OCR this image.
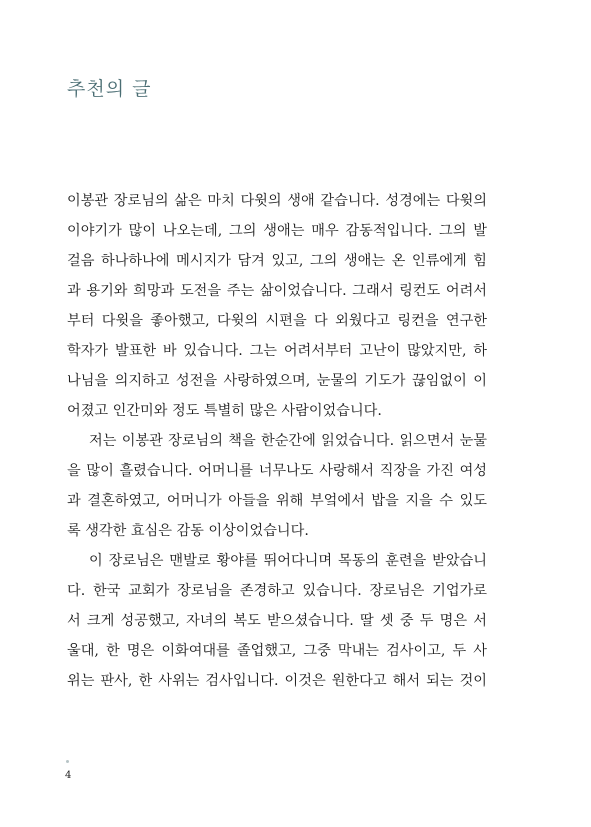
추천의 글
이봉관 장로님의 삶은 마치 다윗의 생애 같습니다. 성경에는 다윗의
이야기가 많이 나오는데, 그의 생애는 매우 감동적입니다. 그의 발
걸음 하나하나에 메시지가 담겨 있고, 그의 생애는 온 인류에게 힘
과 용기와 희망과 도전을 주는 삶이었습니다. 그래서 링컨도 어려서
부터 다윗을 좋아했고, 다윗의 시편을 다 외웠다고 링컨을 연구한
학자가 발표한 바 있습니다. 그는 어려서부터 고난이 많았지만, 하
나님을 의지하고 성전을 사랑하였으며, 눈물의 기도가 끊임없이 이
어졌고 인간미와 정도 특별히 많은 사람이었습니다.
저는 이봉관 장로님의 책을 한순간에 읽었습니다. 읽으면서 눈물
을 많이 흘렸습니다. 어머니를 너무나도 사랑해서 직장을 가진 여성
과 결혼하였고, 어머니가 아들을 위해 부엌에서 밥을 지을 수 있도
록 생각한 효심은 감동 이상이었습니다.
이 장로님은 맨발로 황야를 뛰어다니며 목동의 훈련을 받았습니
다. 한국 교회가 장로님을 존경하고 있습니다. 장로님은 기업가로
서 크게 성공했고, 자녀의 복도 받으셨습니다. 딸 셋 중 두 명은 서
울대, 한 명은 이화여대를 졸업했고, 그중 막내는 검사이고, 두 사
위는 판사, 한 사위는 검사입니다. 이것은 원한다고 해서 되는 것이
4
